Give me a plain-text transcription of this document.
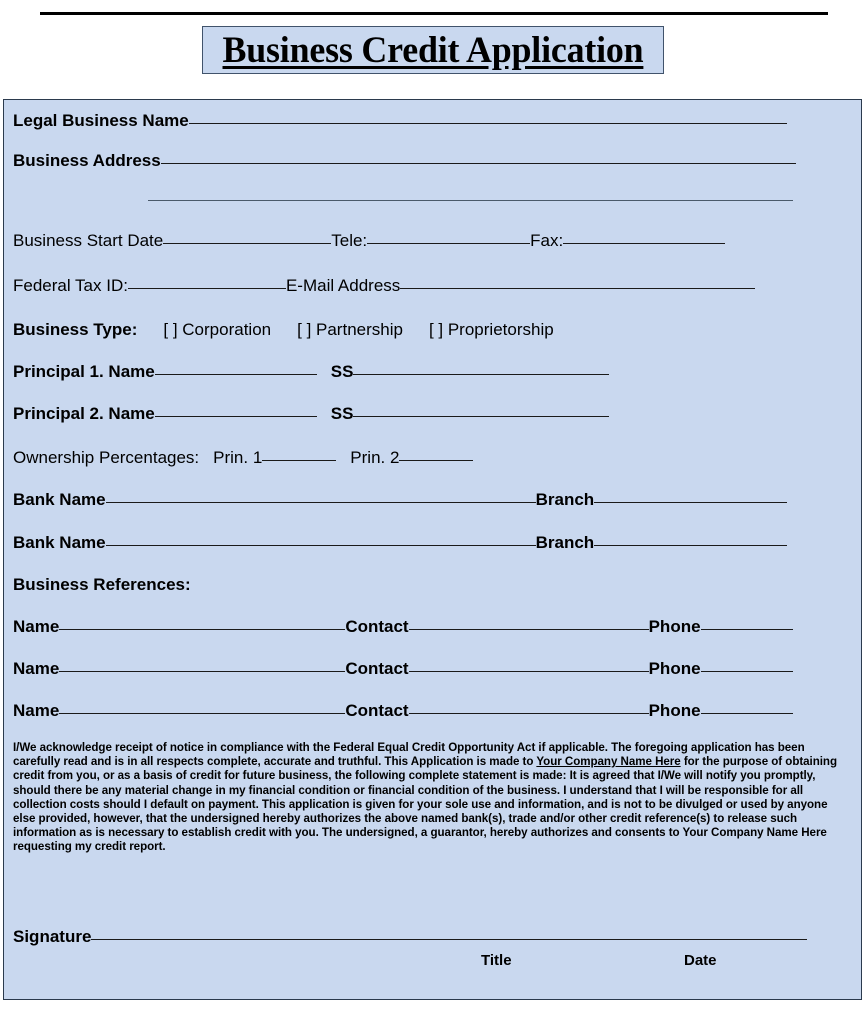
Business Credit Application
Legal Business Name
Business Address
Business Start Date	Tele:	Fax:
Federal Tax ID:	E-Mail Address
Business Type: [ ] Corporation [ ] Partnership [ ] Proprietorship
Principal 1. Name	SS
Principal 2. Name	SS
Ownership Percentages: Prin. 1	Prin. 2
Bank Name	Branch
Bank Name	Branch
Business References:
Name	Contact	Phone
Name	Contact	Phone
Name	Contact	Phone
I/We acknowledge receipt of notice in compliance with the Federal Equal Credit Opportunity Act if applicable. The foregoing application has been carefully read and is in all respects complete, accurate and truthful. This Application is made to Your Company Name Here for the purpose of obtaining credit from you, or as a basis of credit for future business, the following complete statement is made: It is agreed that I/We will notify you promptly, should there be any material change in my financial condition or financial condition of the business. I understand that I will be responsible for all collection costs should I default on payment. This application is given for your sole use and information, and is not to be divulged or used by anyone else provided, however, that the undersigned hereby authorizes the above named bank(s), trade and/or other credit reference(s) to release such information as is necessary to establish credit with you. The undersigned, a guarantor, hereby authorizes and consents to Your Company Name Here requesting my credit report.
Signature
Title	Date
